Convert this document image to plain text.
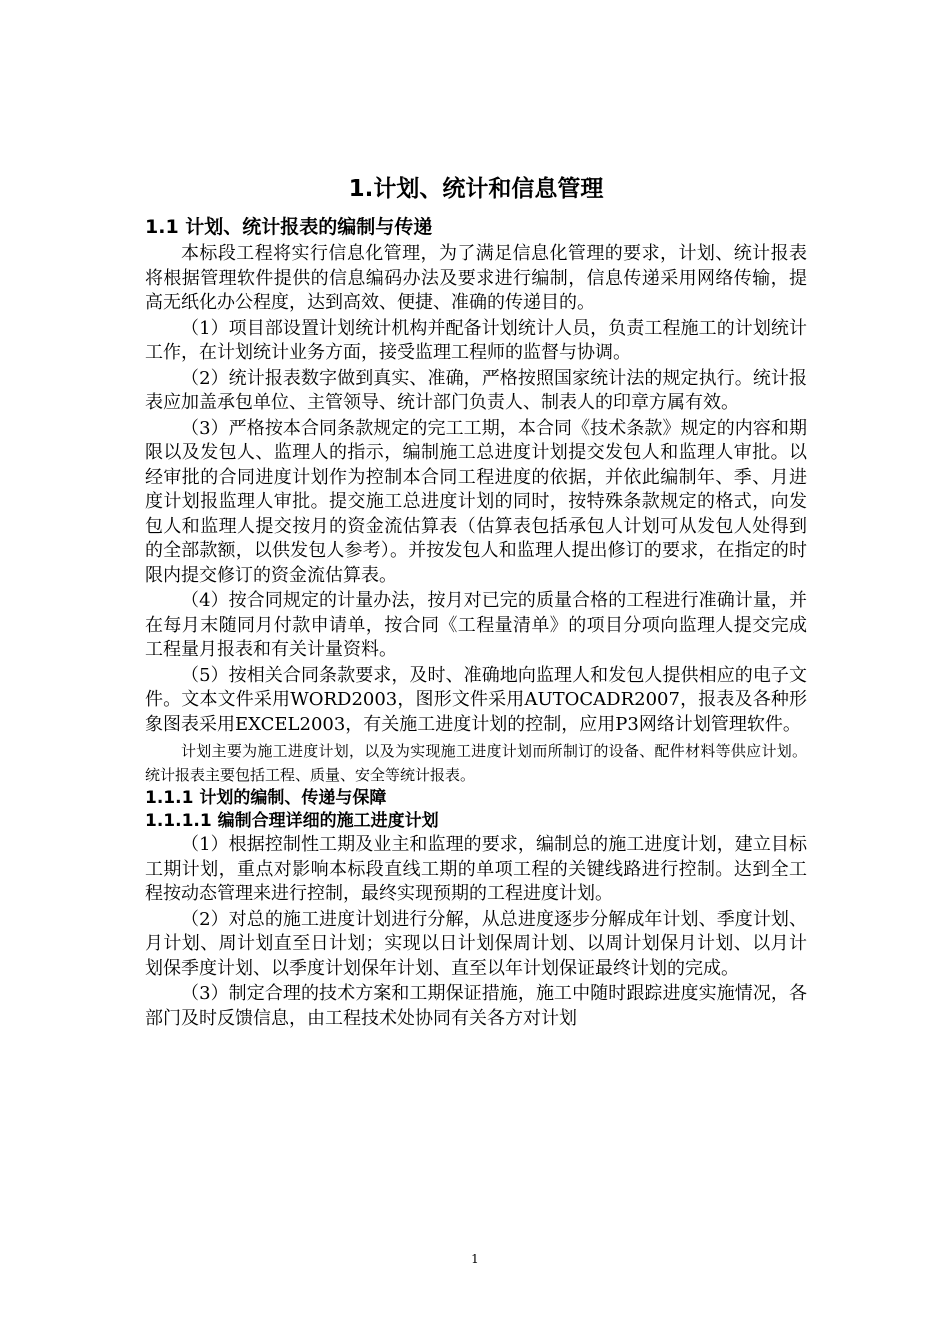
1.计划、统计和信息管理
1.1 计划、统计报表的编制与传递
本标段工程将实行信息化管理，为了满足信息化管理的要求，计划、统计报表将根据管理软件提供的信息编码办法及要求进行编制，信息传递采用网络传输，提高无纸化办公程度，达到高效、便捷、准确的传递目的。
（1）项目部设置计划统计机构并配备计划统计人员，负责工程施工的计划统计工作，在计划统计业务方面，接受监理工程师的监督与协调。
（2）统计报表数字做到真实、准确，严格按照国家统计法的规定执行。统计报表应加盖承包单位、主管领导、统计部门负责人、制表人的印章方属有效。
（3）严格按本合同条款规定的完工工期，本合同《技术条款》规定的内容和期限以及发包人、监理人的指示，编制施工总进度计划提交发包人和监理人审批。以经审批的合同进度计划作为控制本合同工程进度的依据，并依此编制年、季、月进度计划报监理人审批。提交施工总进度计划的同时，按特殊条款规定的格式，向发包人和监理人提交按月的资金流估算表（估算表包括承包人计划可从发包人处得到的全部款额，以供发包人参考）。并按发包人和监理人提出修订的要求，在指定的时限内提交修订的资金流估算表。
（4）按合同规定的计量办法，按月对已完的质量合格的工程进行准确计量，并在每月末随同月付款申请单，按合同《工程量清单》的项目分项向监理人提交完成工程量月报表和有关计量资料。
（5）按相关合同条款要求，及时、准确地向监理人和发包人提供相应的电子文件。文本文件采用WORD2003，图形文件采用AUTOCADR2007，报表及各种形象图表采用EXCEL2003，有关施工进度计划的控制，应用P3网络计划管理软件。
计划主要为施工进度计划，以及为实现施工进度计划而所制订的设备、配件材料等供应计划。统计报表主要包括工程、质量、安全等统计报表。
1.1.1 计划的编制、传递与保障
1.1.1.1 编制合理详细的施工进度计划
（1）根据控制性工期及业主和监理的要求，编制总的施工进度计划，建立目标工期计划，重点对影响本标段直线工期的单项工程的关键线路进行控制。达到全工程按动态管理来进行控制，最终实现预期的工程进度计划。
（2）对总的施工进度计划进行分解，从总进度逐步分解成年计划、季度计划、月计划、周计划直至日计划；实现以日计划保周计划、以周计划保月计划、以月计划保季度计划、以季度计划保年计划、直至以年计划保证最终计划的完成。
（3）制定合理的技术方案和工期保证措施，施工中随时跟踪进度实施情况，各部门及时反馈信息，由工程技术处协同有关各方对计划
1
